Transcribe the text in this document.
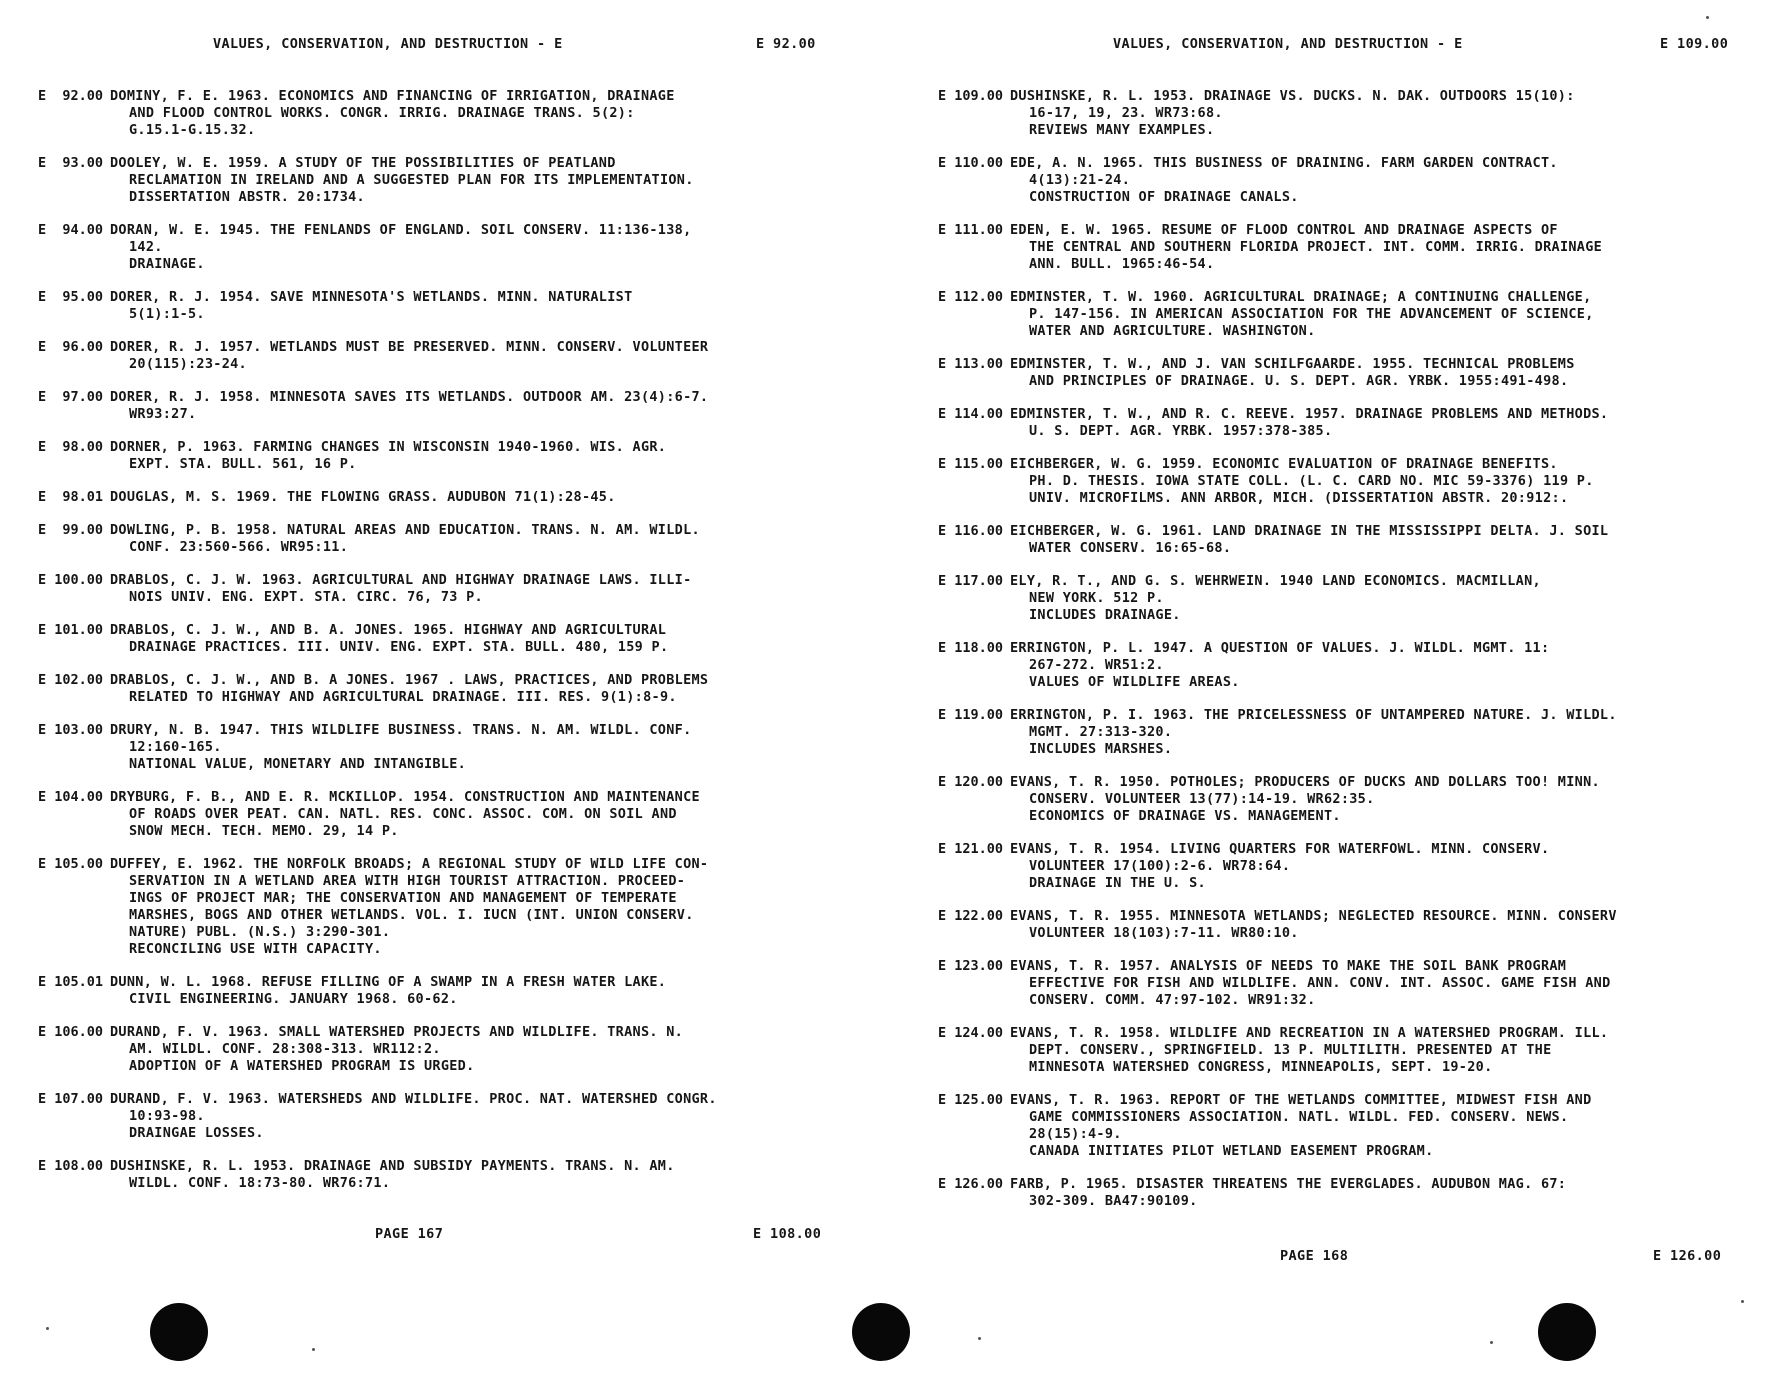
VALUES, CONSERVATION, AND DESTRUCTION - E	E 92.00
E  92.00 DOMINY, F. E. 1963. ECONOMICS AND FINANCING OF IRRIGATION, DRAINAGE
AND FLOOD CONTROL WORKS. CONGR. IRRIG. DRAINAGE TRANS. 5(2):
G.15.1-G.15.32.
E  93.00 DOOLEY, W. E. 1959. A STUDY OF THE POSSIBILITIES OF PEATLAND
RECLAMATION IN IRELAND AND A SUGGESTED PLAN FOR ITS IMPLEMENTATION.
DISSERTATION ABSTR. 20:1734.
E  94.00 DORAN, W. E. 1945. THE FENLANDS OF ENGLAND. SOIL CONSERV. 11:136-138,
142.
DRAINAGE.
E  95.00 DORER, R. J. 1954. SAVE MINNESOTA'S WETLANDS. MINN. NATURALIST
5(1):1-5.
E  96.00 DORER, R. J. 1957. WETLANDS MUST BE PRESERVED. MINN. CONSERV. VOLUNTEER
20(115):23-24.
E  97.00 DORER, R. J. 1958. MINNESOTA SAVES ITS WETLANDS. OUTDOOR AM. 23(4):6-7.
WR93:27.
E  98.00 DORNER, P. 1963. FARMING CHANGES IN WISCONSIN 1940-1960. WIS. AGR.
EXPT. STA. BULL. 561, 16 P.
E  98.01 DOUGLAS, M. S. 1969. THE FLOWING GRASS. AUDUBON 71(1):28-45.
E  99.00 DOWLING, P. B. 1958. NATURAL AREAS AND EDUCATION. TRANS. N. AM. WILDL.
CONF. 23:560-566. WR95:11.
E 100.00 DRABLOS, C. J. W. 1963. AGRICULTURAL AND HIGHWAY DRAINAGE LAWS. ILLI-
NOIS UNIV. ENG. EXPT. STA. CIRC. 76, 73 P.
E 101.00 DRABLOS, C. J. W., AND B. A. JONES. 1965. HIGHWAY AND AGRICULTURAL
DRAINAGE PRACTICES. III. UNIV. ENG. EXPT. STA. BULL. 480, 159 P.
E 102.00 DRABLOS, C. J. W., AND B. A JONES. 1967 . LAWS, PRACTICES, AND PROBLEMS
RELATED TO HIGHWAY AND AGRICULTURAL DRAINAGE. III. RES. 9(1):8-9.
E 103.00 DRURY, N. B. 1947. THIS WILDLIFE BUSINESS. TRANS. N. AM. WILDL. CONF.
12:160-165.
NATIONAL VALUE, MONETARY AND INTANGIBLE.
E 104.00 DRYBURG, F. B., AND E. R. MCKILLOP. 1954. CONSTRUCTION AND MAINTENANCE
OF ROADS OVER PEAT. CAN. NATL. RES. CONC. ASSOC. COM. ON SOIL AND
SNOW MECH. TECH. MEMO. 29, 14 P.
E 105.00 DUFFEY, E. 1962. THE NORFOLK BROADS; A REGIONAL STUDY OF WILD LIFE CON-
SERVATION IN A WETLAND AREA WITH HIGH TOURIST ATTRACTION. PROCEED-
INGS OF PROJECT MAR; THE CONSERVATION AND MANAGEMENT OF TEMPERATE
MARSHES, BOGS AND OTHER WETLANDS. VOL. I. IUCN (INT. UNION CONSERV.
NATURE) PUBL. (N.S.) 3:290-301.
RECONCILING USE WITH CAPACITY.
E 105.01 DUNN, W. L. 1968. REFUSE FILLING OF A SWAMP IN A FRESH WATER LAKE.
CIVIL ENGINEERING. JANUARY 1968. 60-62.
E 106.00 DURAND, F. V. 1963. SMALL WATERSHED PROJECTS AND WILDLIFE. TRANS. N.
AM. WILDL. CONF. 28:308-313. WR112:2.
ADOPTION OF A WATERSHED PROGRAM IS URGED.
E 107.00 DURAND, F. V. 1963. WATERSHEDS AND WILDLIFE. PROC. NAT. WATERSHED CONGR.
10:93-98.
DRAINGAE LOSSES.
E 108.00 DUSHINSKE, R. L. 1953. DRAINAGE AND SUBSIDY PAYMENTS. TRANS. N. AM.
WILDL. CONF. 18:73-80. WR76:71.
PAGE 167	E 108.00
VALUES, CONSERVATION, AND DESTRUCTION - E	E 109.00
E 109.00 DUSHINSKE, R. L. 1953. DRAINAGE VS. DUCKS. N. DAK. OUTDOORS 15(10):
16-17, 19, 23. WR73:68.
REVIEWS MANY EXAMPLES.
E 110.00 EDE, A. N. 1965. THIS BUSINESS OF DRAINING. FARM GARDEN CONTRACT.
4(13):21-24.
CONSTRUCTION OF DRAINAGE CANALS.
E 111.00 EDEN, E. W. 1965. RESUME OF FLOOD CONTROL AND DRAINAGE ASPECTS OF
THE CENTRAL AND SOUTHERN FLORIDA PROJECT. INT. COMM. IRRIG. DRAINAGE
ANN. BULL. 1965:46-54.
E 112.00 EDMINSTER, T. W. 1960. AGRICULTURAL DRAINAGE; A CONTINUING CHALLENGE,
P. 147-156. IN AMERICAN ASSOCIATION FOR THE ADVANCEMENT OF SCIENCE,
WATER AND AGRICULTURE. WASHINGTON.
E 113.00 EDMINSTER, T. W., AND J. VAN SCHILFGAARDE. 1955. TECHNICAL PROBLEMS
AND PRINCIPLES OF DRAINAGE. U. S. DEPT. AGR. YRBK. 1955:491-498.
E 114.00 EDMINSTER, T. W., AND R. C. REEVE. 1957. DRAINAGE PROBLEMS AND METHODS.
U. S. DEPT. AGR. YRBK. 1957:378-385.
E 115.00 EICHBERGER, W. G. 1959. ECONOMIC EVALUATION OF DRAINAGE BENEFITS.
PH. D. THESIS. IOWA STATE COLL. (L. C. CARD NO. MIC 59-3376) 119 P.
UNIV. MICROFILMS. ANN ARBOR, MICH. (DISSERTATION ABSTR. 20:912:.
E 116.00 EICHBERGER, W. G. 1961. LAND DRAINAGE IN THE MISSISSIPPI DELTA. J. SOIL
WATER CONSERV. 16:65-68.
E 117.00 ELY, R. T., AND G. S. WEHRWEIN. 1940 LAND ECONOMICS. MACMILLAN,
NEW YORK. 512 P.
INCLUDES DRAINAGE.
E 118.00 ERRINGTON, P. L. 1947. A QUESTION OF VALUES. J. WILDL. MGMT. 11:
267-272. WR51:2.
VALUES OF WILDLIFE AREAS.
E 119.00 ERRINGTON, P. I. 1963. THE PRICELESSNESS OF UNTAMPERED NATURE. J. WILDL.
MGMT. 27:313-320.
INCLUDES MARSHES.
E 120.00 EVANS, T. R. 1950. POTHOLES; PRODUCERS OF DUCKS AND DOLLARS TOO! MINN.
CONSERV. VOLUNTEER 13(77):14-19. WR62:35.
ECONOMICS OF DRAINAGE VS. MANAGEMENT.
E 121.00 EVANS, T. R. 1954. LIVING QUARTERS FOR WATERFOWL. MINN. CONSERV.
VOLUNTEER 17(100):2-6. WR78:64.
DRAINAGE IN THE U. S.
E 122.00 EVANS, T. R. 1955. MINNESOTA WETLANDS; NEGLECTED RESOURCE. MINN. CONSERV
VOLUNTEER 18(103):7-11. WR80:10.
E 123.00 EVANS, T. R. 1957. ANALYSIS OF NEEDS TO MAKE THE SOIL BANK PROGRAM
EFFECTIVE FOR FISH AND WILDLIFE. ANN. CONV. INT. ASSOC. GAME FISH AND
CONSERV. COMM. 47:97-102. WR91:32.
E 124.00 EVANS, T. R. 1958. WILDLIFE AND RECREATION IN A WATERSHED PROGRAM. ILL.
DEPT. CONSERV., SPRINGFIELD. 13 P. MULTILITH. PRESENTED AT THE
MINNESOTA WATERSHED CONGRESS, MINNEAPOLIS, SEPT. 19-20.
E 125.00 EVANS, T. R. 1963. REPORT OF THE WETLANDS COMMITTEE, MIDWEST FISH AND
GAME COMMISSIONERS ASSOCIATION. NATL. WILDL. FED. CONSERV. NEWS.
28(15):4-9.
CANADA INITIATES PILOT WETLAND EASEMENT PROGRAM.
E 126.00 FARB, P. 1965. DISASTER THREATENS THE EVERGLADES. AUDUBON MAG. 67:
302-309. BA47:90109.
PAGE 168	E 126.00
